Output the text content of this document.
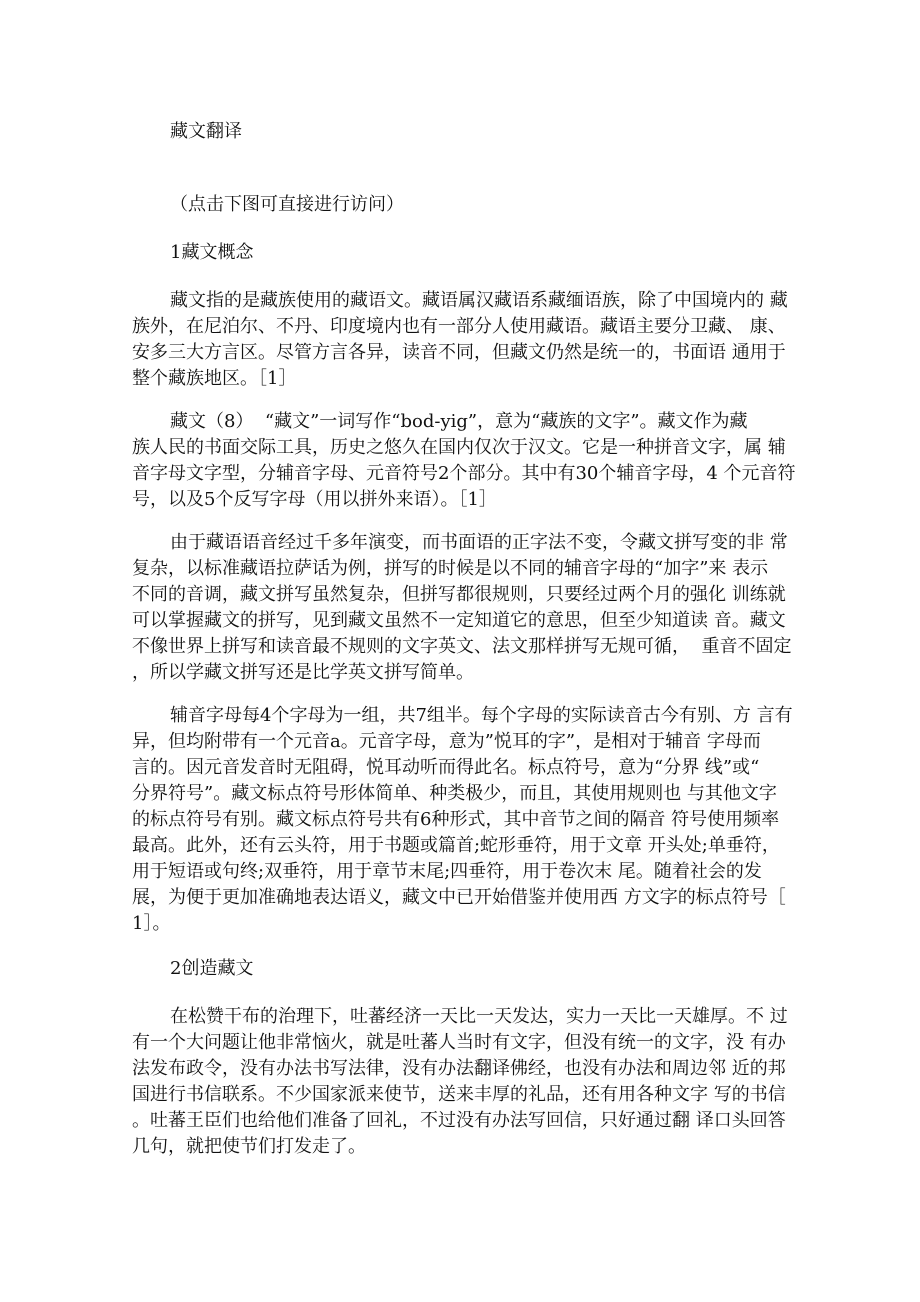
藏文翻译
（点击下图可直接进行访问）
1藏文概念
藏文指的是藏族使用的藏语文。藏语属汉藏语系藏缅语族，除了中国境内的 藏
族外，在尼泊尔、不丹、印度境内也有一部分人使用藏语。藏语主要分卫藏、 康、
安多三大方言区。尽管方言各异，读音不同，但藏文仍然是统一的，书面语 通用于
整个藏族地区。［1］
藏文（8）  “藏文”一词写作“bod-yig”，意为“藏族的文字”。藏文作为藏
族人民的书面交际工具，历史之悠久在国内仅次于汉文。它是一种拼音文字，属 辅
音字母文字型，分辅音字母、元音符号2个部分。其中有30个辅音字母，4 个元音符
号，以及5个反写字母（用以拼外来语）。［1］
由于藏语语音经过千多年演变，而书面语的正字法不变，令藏文拼写变的非 常
复杂，以标准藏语拉萨话为例，拼写的时候是以不同的辅音字母的“加字”来 表示
不同的音调，藏文拼写虽然复杂，但拼写都很规则，只要经过两个月的强化 训练就
可以掌握藏文的拼写，见到藏文虽然不一定知道它的意思，但至少知道读 音。藏文
不像世界上拼写和读音最不规则的文字英文、法文那样拼写无规可循，  重音不固定
，所以学藏文拼写还是比学英文拼写简单。
辅音字母每4个字母为一组，共7组半。每个字母的实际读音古今有别、方 言有
异，但均附带有一个元音a。元音字母，意为”悦耳的字”，是相对于辅音 字母而
言的。因元音发音时无阻碍，悦耳动听而得此名。标点符号，意为“分界 线”或“
分界符号”。藏文标点符号形体简单、种类极少，而且，其使用规则也 与其他文字
的标点符号有别。藏文标点符号共有6种形式，其中音节之间的隔音 符号使用频率
最高。此外，还有云头符，用于书题或篇首;蛇形垂符，用于文章 开头处;单垂符，
用于短语或句终;双垂符，用于章节末尾;四垂符，用于卷次末 尾。随着社会的发
展，为便于更加准确地表达语义，藏文中已开始借鉴并使用西 方文字的标点符号［
1］。
2创造藏文
在松赞干布的治理下，吐蕃经济一天比一天发达，实力一天比一天雄厚。不 过
有一个大问题让他非常恼火，就是吐蕃人当时有文字，但没有统一的文字，没 有办
法发布政令，没有办法书写法律，没有办法翻译佛经，也没有办法和周边邻 近的邦
国进行书信联系。不少国家派来使节，送来丰厚的礼品，还有用各种文字 写的书信
。吐蕃王臣们也给他们准备了回礼，不过没有办法写回信，只好通过翻 译口头回答
几句，就把使节们打发走了。
